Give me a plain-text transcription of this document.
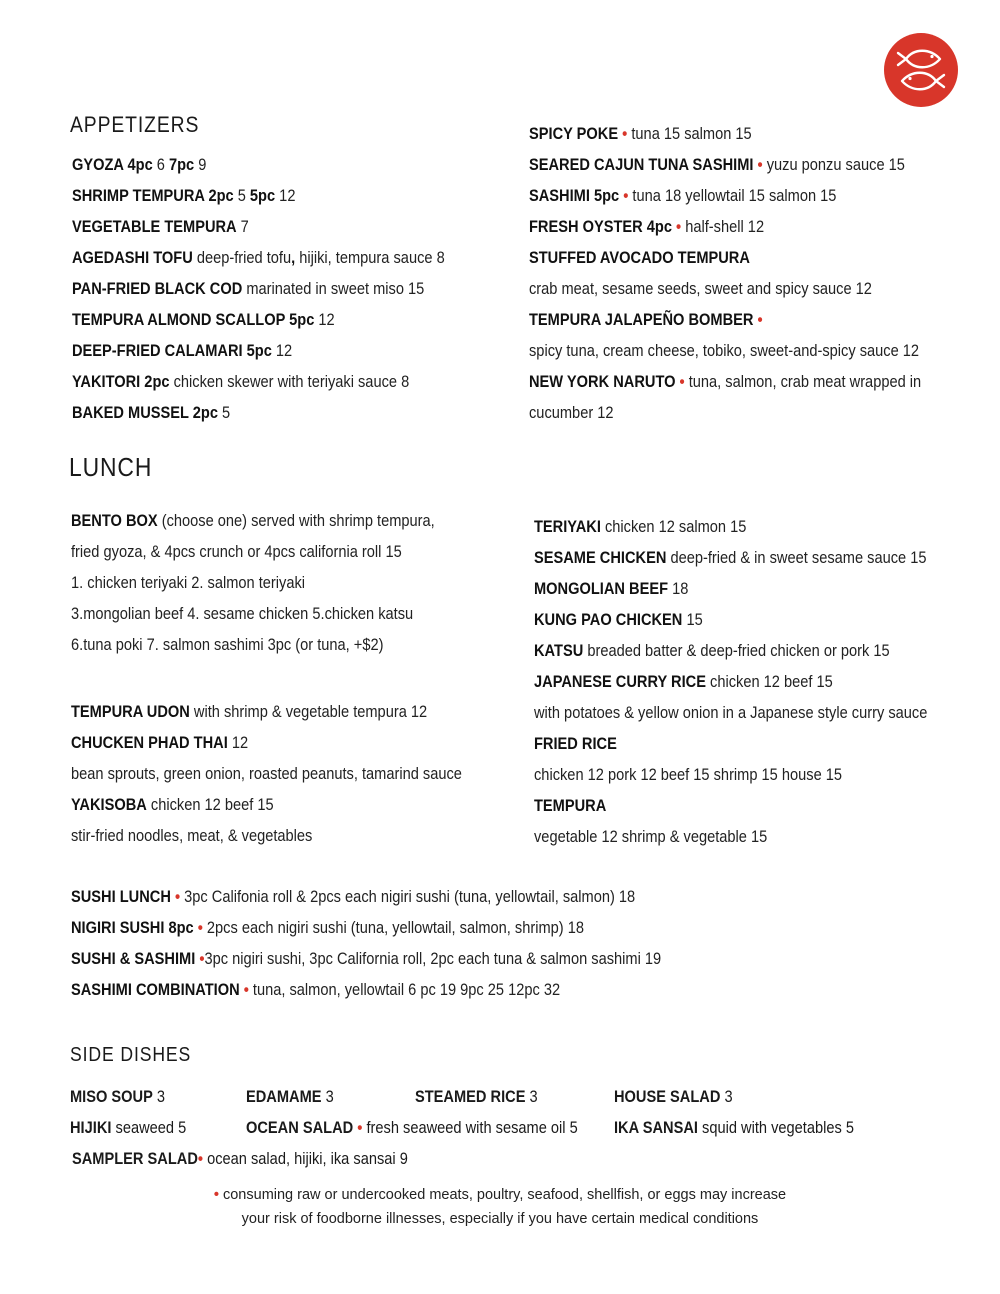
APPETIZERS
GYOZA 4pc 6 7pc 9
SHRIMP TEMPURA 2pc 5 5pc 12
VEGETABLE TEMPURA 7
AGEDASHI TOFU deep-fried tofu, hijiki, tempura sauce 8
PAN-FRIED BLACK COD marinated in sweet miso 15
TEMPURA ALMOND SCALLOP 5pc 12
DEEP-FRIED CALAMARI 5pc 12
YAKITORI 2pc chicken skewer with teriyaki sauce 8
BAKED MUSSEL 2pc 5
SPICY POKE • tuna 15 salmon 15
SEARED CAJUN TUNA SASHIMI • yuzu ponzu sauce 15
SASHIMI 5pc • tuna 18 yellowtail 15 salmon 15
FRESH OYSTER 4pc • half-shell 12
STUFFED AVOCADO TEMPURA
crab meat, sesame seeds, sweet and spicy sauce 12
TEMPURA JALAPEÑO BOMBER •
spicy tuna, cream cheese, tobiko, sweet-and-spicy sauce 12
NEW YORK NARUTO • tuna, salmon, crab meat wrapped in
cucumber 12
LUNCH
BENTO BOX (choose one) served with shrimp tempura,
fried gyoza, & 4pcs crunch or 4pcs california roll 15
1. chicken teriyaki 2. salmon teriyaki
3.mongolian beef 4. sesame chicken 5.chicken katsu
6.tuna poki 7. salmon sashimi 3pc (or tuna, +$2)
TEMPURA UDON with shrimp & vegetable tempura 12
CHUCKEN PHAD THAI 12
bean sprouts, green onion, roasted peanuts, tamarind sauce
YAKISOBA chicken 12 beef 15
stir-fried noodles, meat, & vegetables
TERIYAKI chicken 12 salmon 15
SESAME CHICKEN deep-fried & in sweet sesame sauce 15
MONGOLIAN BEEF 18
KUNG PAO CHICKEN 15
KATSU breaded batter & deep-fried chicken or pork 15
JAPANESE CURRY RICE chicken 12 beef 15
with potatoes & yellow onion in a Japanese style curry sauce
FRIED RICE
chicken 12 pork 12 beef 15 shrimp 15 house 15
TEMPURA
vegetable 12 shrimp & vegetable 15
SUSHI LUNCH • 3pc Califonia roll & 2pcs each nigiri sushi (tuna, yellowtail, salmon) 18
NIGIRI SUSHI 8pc • 2pcs each nigiri sushi (tuna, yellowtail, salmon, shrimp) 18
SUSHI & SASHIMI •3pc nigiri sushi, 3pc California roll, 2pc each tuna & salmon sashimi 19
SASHIMI COMBINATION • tuna, salmon, yellowtail 6 pc 19 9pc 25 12pc 32
SIDE DISHES
MISO SOUP 3	EDAMAME 3	STEAMED RICE 3	HOUSE SALAD 3
HIJIKI seaweed 5	OCEAN SALAD • fresh seaweed with sesame oil 5 IKA SANSAI squid with vegetables 5
SAMPLER SALAD• ocean salad, hijiki, ika sansai 9
• consuming raw or undercooked meats, poultry, seafood, shellfish, or eggs may increase
your risk of foodborne illnesses, especially if you have certain medical conditions
